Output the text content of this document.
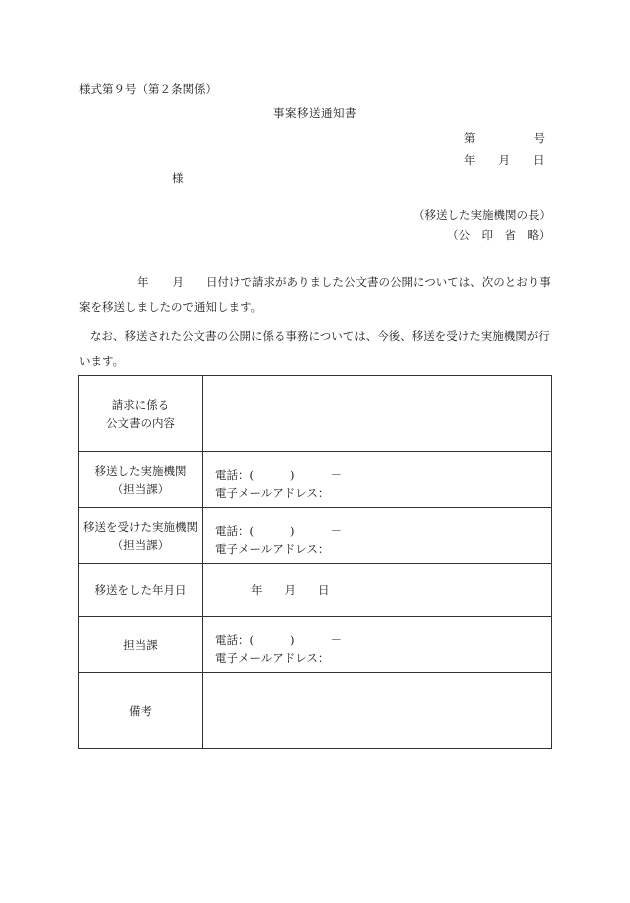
様式第９号（第２条関係）
事案移送通知書
第	号
年 月 日
様
（移送した実施機関の長）
（公　印　省　略）
年 月 日付けで請求がありました公文書の公開については、次のとおり事案を移送しましたので通知します。
なお、移送された公文書の公開に係る事務については、今後、移送を受けた実施機関が行います。
請求に係る
公文書の内容	

移送した実施機関
（担当課）	電話：( ) －
電子メールアドレス：

移送を受けた実施機関
（担当課）	電話：( ) －
電子メールアドレス：

移送をした年月日	年 月 日
担当課	電話：( ) －
電子メールアドレス：

備考	
